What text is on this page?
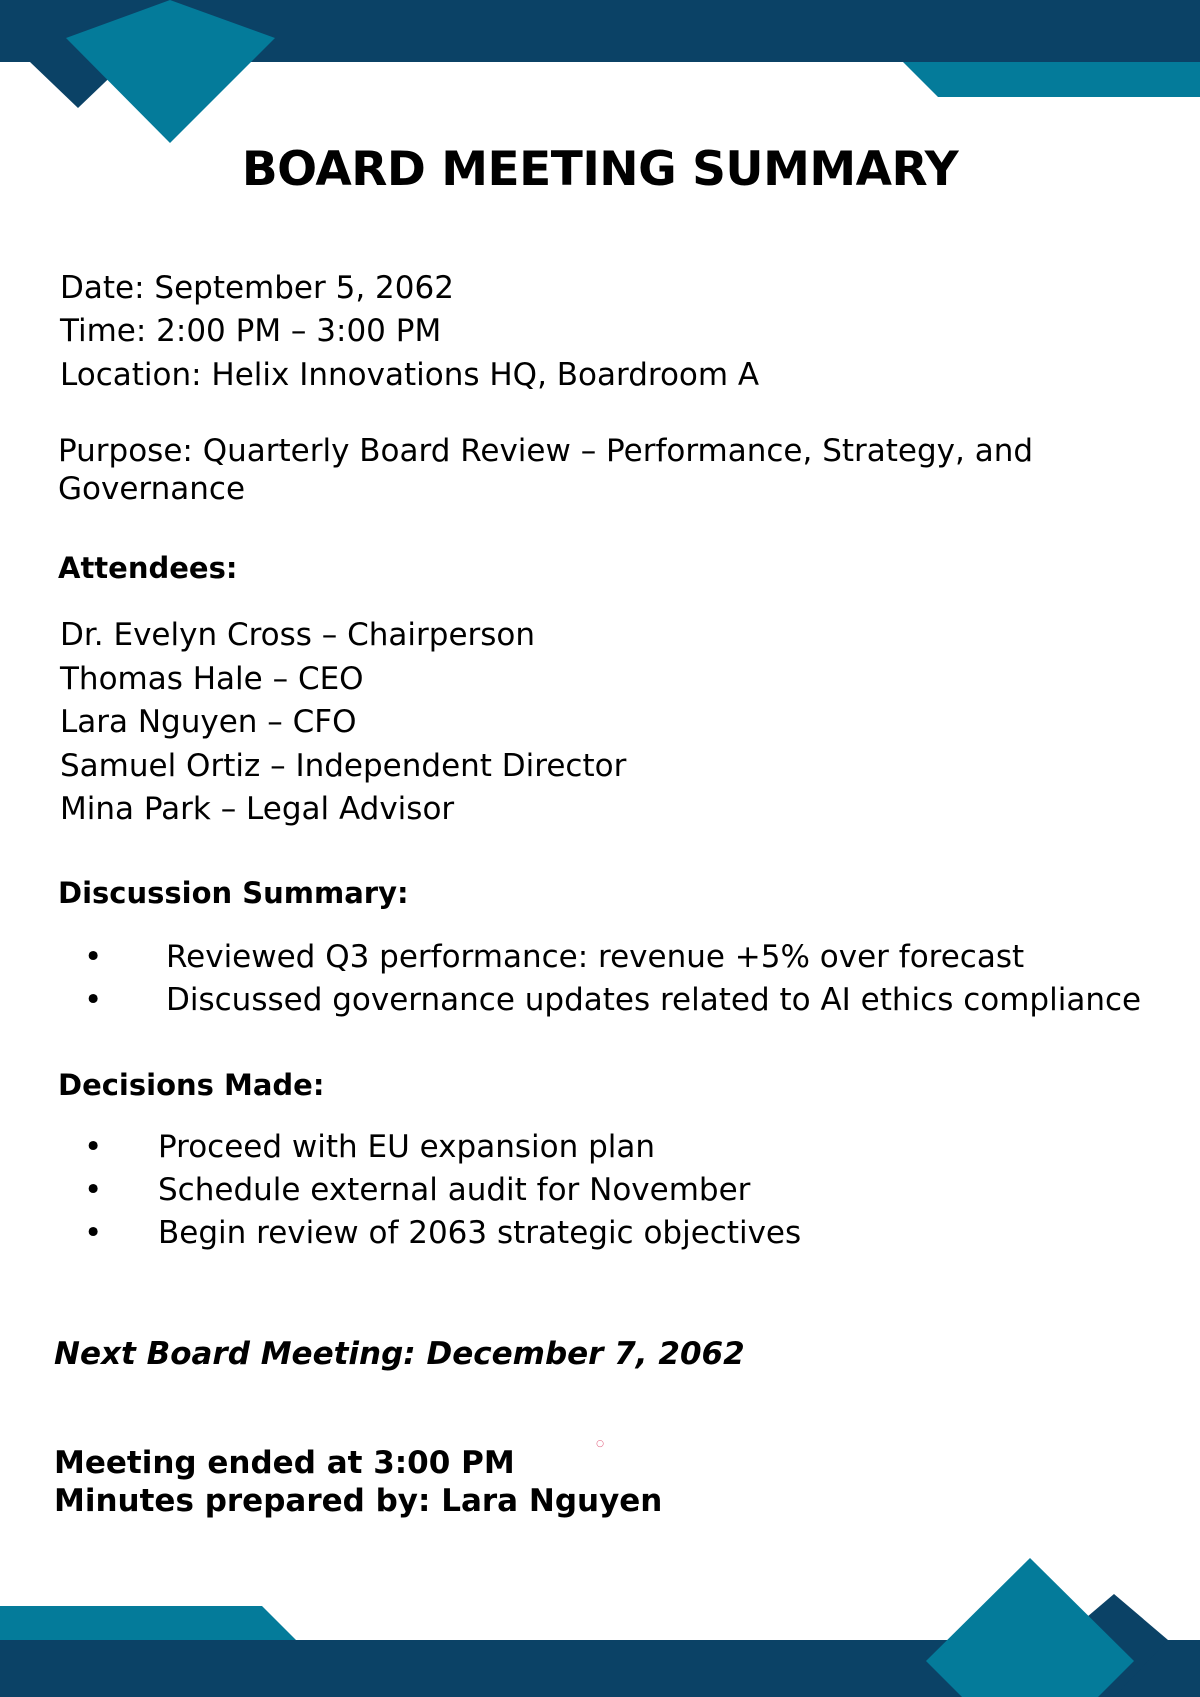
BOARD MEETING SUMMARY

Date: September 5, 2062

Time: 2:00 PM – 3:00 PM

Location: Helix Innovations HQ, Boardroom A

Purpose: Quarterly Board Review – Performance, Strategy, and Governance

Attendees:

Dr. Evelyn Cross – Chairperson

Thomas Hale – CEO

Lara Nguyen – CFO

Samuel Ortiz – Independent Director

Mina Park – Legal Advisor

Discussion Summary:

• Reviewed Q3 performance: revenue +5% over forecast

• Discussed governance updates related to AI ethics compliance

Decisions Made:

• Proceed with EU expansion plan

• Schedule external audit for November

• Begin review of 2063 strategic objectives

Next Board Meeting: December 7, 2062

○

Meeting ended at 3:00 PM

Minutes prepared by: Lara Nguyen
